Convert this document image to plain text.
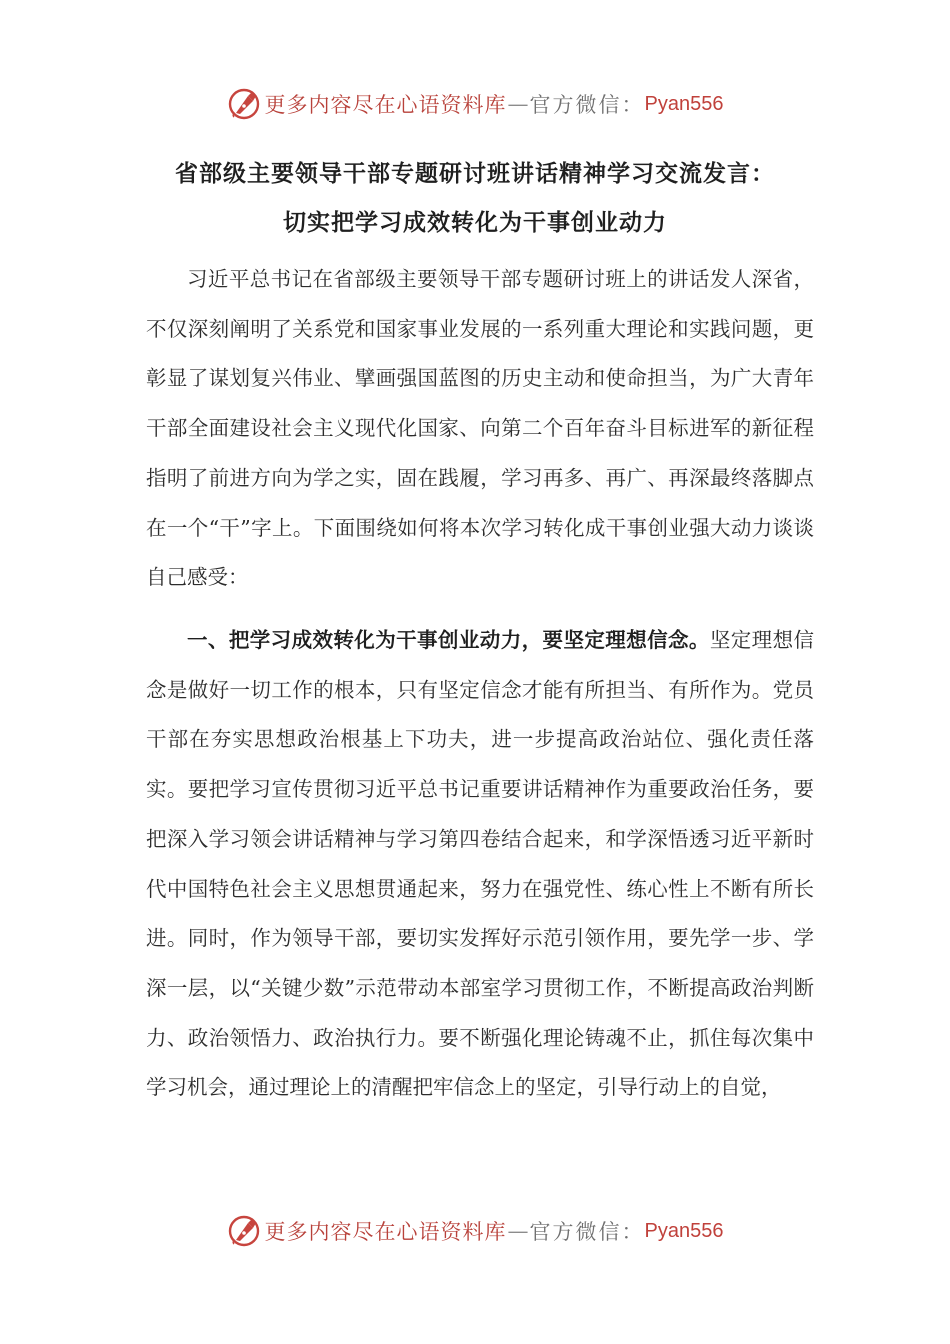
更多内容尽在心语资料库 — 官方微信： Pyan556
省部级主要领导干部专题研讨班讲话精神学习交流发言：
切实把学习成效转化为干事创业动力

习近平总书记在省部级主要领导干部专题研讨班上的讲话发人深省，不仅深刻阐明了关系党和国家事业发展的一系列重大理论和实践问题，更彰显了谋划复兴伟业、擘画强国蓝图的历史主动和使命担当，为广大青年干部全面建设社会主义现代化国家、向第二个百年奋斗目标进军的新征程指明了前进方向为学之实，固在践履，学习再多、再广、再深最终落脚点在一个“干”字上。下面围绕如何将本次学习转化成干事创业强大动力谈谈自己感受：

一、把学习成效转化为干事创业动力，要坚定理想信念。坚定理想信念是做好一切工作的根本，只有坚定信念才能有所担当、有所作为。党员干部在夯实思想政治根基上下功夫，进一步提高政治站位、强化责任落实。要把学习宣传贯彻习近平总书记重要讲话精神作为重要政治任务，要把深入学习领会讲话精神与学习第四卷结合起来，和学深悟透习近平新时代中国特色社会主义思想贯通起来，努力在强党性、练心性上不断有所长进。同时，作为领导干部，要切实发挥好示范引领作用，要先学一步、学深一层，以“关键少数”示范带动本部室学习贯彻工作，不断提高政治判断力、政治领悟力、政治执行力。要不断强化理论铸魂不止，抓住每次集中学习机会，通过理论上的清醒把牢信念上的坚定，引导行动上的自觉，

更多内容尽在心语资料库 — 官方微信： Pyan556
